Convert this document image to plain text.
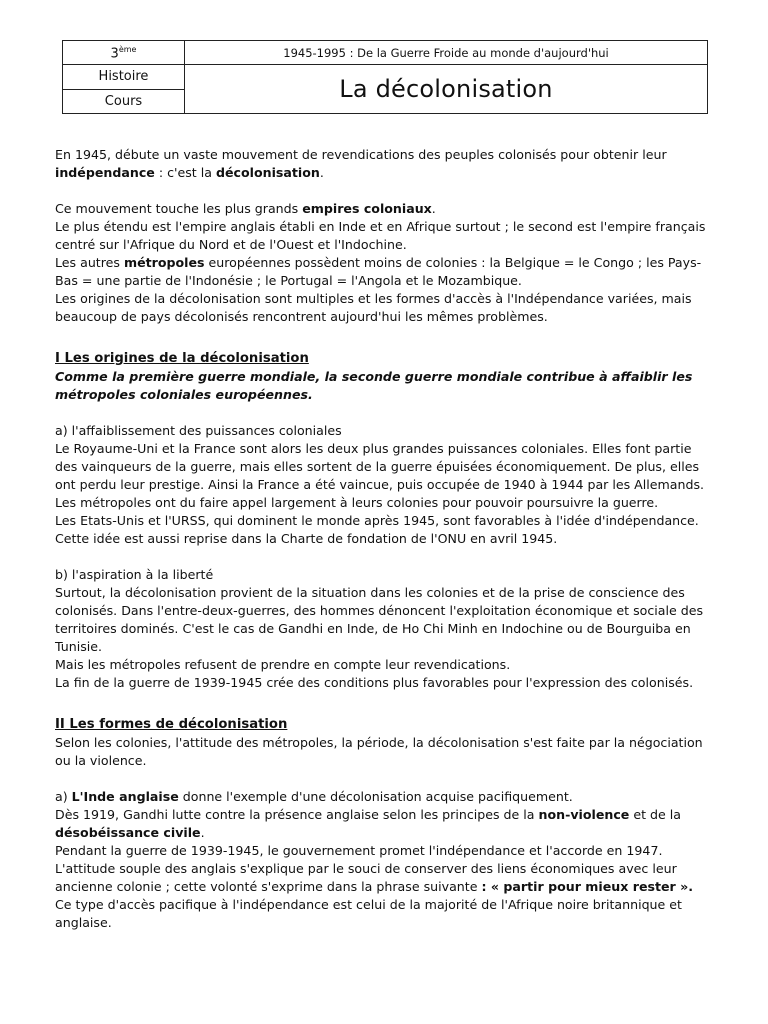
3ème	1945-1995 : De la Guerre Froide au monde d'aujourd'hui
Histoire	La décolonisation
Cours	

En 1945, débute un vaste mouvement de revendications des peuples colonisés pour obtenir leur indépendance : c'est la décolonisation.

Ce mouvement touche les plus grands empires coloniaux.

Le plus étendu est l'empire anglais établi en Inde et en Afrique surtout ; le second est l'empire français centré sur l'Afrique du Nord et de l'Ouest et l'Indochine.

Les autres métropoles européennes possèdent moins de colonies : la Belgique = le Congo ; les Pays-Bas = une partie de l'Indonésie ; le Portugal = l'Angola et le Mozambique.

Les origines de la décolonisation sont multiples et les formes d'accès à l'Indépendance variées, mais beaucoup de pays décolonisés rencontrent aujourd'hui les mêmes problèmes.

I Les origines de la décolonisation

Comme la première guerre mondiale, la seconde guerre mondiale contribue à affaiblir les métropoles coloniales européennes.

a) l'affaiblissement des puissances coloniales

Le Royaume-Uni et la France sont alors les deux plus grandes puissances coloniales. Elles font partie des vainqueurs de la guerre, mais elles sortent de la guerre épuisées économiquement. De plus, elles ont perdu leur prestige. Ainsi la France a été vaincue, puis occupée de 1940 à 1944 par les Allemands. Les métropoles ont du faire appel largement à leurs colonies pour pouvoir poursuivre la guerre.

Les Etats-Unis et l'URSS, qui dominent le monde après 1945, sont favorables à l'idée d'indépendance. Cette idée est aussi reprise dans la Charte de fondation de l'ONU en avril 1945.

b) l'aspiration à la liberté

Surtout, la décolonisation provient de la situation dans les colonies et de la prise de conscience des colonisés. Dans l'entre-deux-guerres, des hommes dénoncent l'exploitation économique et sociale des territoires dominés. C'est le cas de Gandhi en Inde, de Ho Chi Minh en Indochine ou de Bourguiba en Tunisie.

Mais les métropoles refusent de prendre en compte leur revendications.

La fin de la guerre de 1939-1945 crée des conditions plus favorables pour l'expression des colonisés.

II Les formes de décolonisation

Selon les colonies, l'attitude des métropoles, la période, la décolonisation s'est faite par la négociation ou la violence.

a) L'Inde anglaise donne l'exemple d'une décolonisation acquise pacifiquement.

Dès 1919, Gandhi lutte contre la présence anglaise selon les principes de la non-violence et de la désobéissance civile.

Pendant la guerre de 1939-1945, le gouvernement promet l'indépendance et l'accorde en 1947.

L'attitude souple des anglais s'explique par le souci de conserver des liens économiques avec leur ancienne colonie ; cette volonté s'exprime dans la phrase suivante : « partir pour mieux rester ».

Ce type d'accès pacifique à l'indépendance est celui de la majorité de l'Afrique noire britannique et anglaise.
